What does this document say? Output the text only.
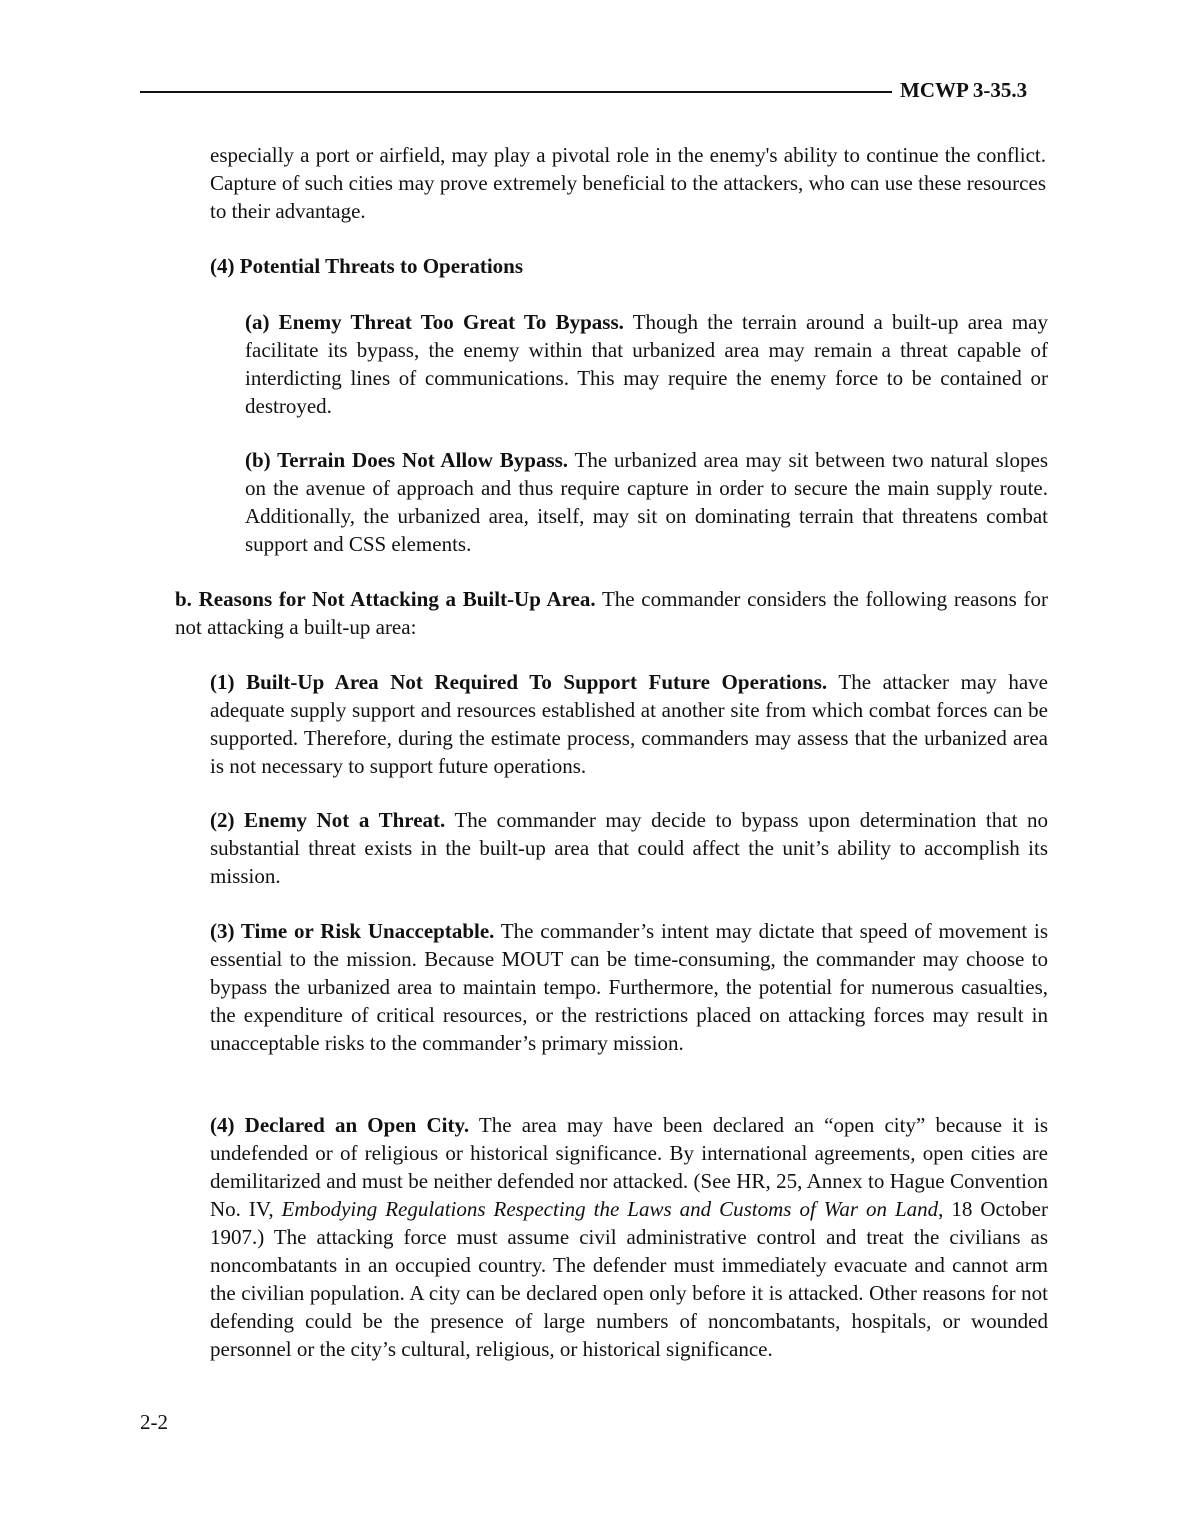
MCWP 3-35.3
especially a port or airfield, may play a pivotal role in the enemy's ability to continue the conflict. Capture of such cities may prove extremely beneficial to the attackers, who can use these resources to their advantage.
(4) Potential Threats to Operations
(a) Enemy Threat Too Great To Bypass. Though the terrain around a built-up area may facilitate its bypass, the enemy within that urbanized area may remain a threat capable of interdicting lines of communications. This may require the enemy force to be contained or destroyed.
(b) Terrain Does Not Allow Bypass. The urbanized area may sit between two natural slopes on the avenue of approach and thus require capture in order to secure the main supply route. Additionally, the urbanized area, itself, may sit on dominating terrain that threatens combat support and CSS elements.
b. Reasons for Not Attacking a Built-Up Area. The commander considers the following reasons for not attacking a built-up area:
(1) Built-Up Area Not Required To Support Future Operations. The attacker may have adequate supply support and resources established at another site from which combat forces can be supported. Therefore, during the estimate process, commanders may assess that the urbanized area is not necessary to support future operations.
(2) Enemy Not a Threat. The commander may decide to bypass upon determination that no substantial threat exists in the built-up area that could affect the unit’s ability to accomplish its mission.
(3) Time or Risk Unacceptable. The commander’s intent may dictate that speed of movement is essential to the mission. Because MOUT can be time-consuming, the commander may choose to bypass the urbanized area to maintain tempo. Furthermore, the potential for numerous casualties, the expenditure of critical resources, or the restrictions placed on attacking forces may result in unacceptable risks to the commander’s primary mission.
(4) Declared an Open City. The area may have been declared an “open city” because it is undefended or of religious or historical significance. By international agreements, open cities are demilitarized and must be neither defended nor attacked. (See HR, 25, Annex to Hague Convention No. IV, Embodying Regulations Respecting the Laws and Customs of War on Land, 18 October 1907.) The attacking force must assume civil administrative control and treat the civilians as noncombatants in an occupied country. The defender must immediately evacuate and cannot arm the civilian population. A city can be declared open only before it is attacked. Other reasons for not defending could be the presence of large numbers of noncombatants, hospitals, or wounded personnel or the city’s cultural, religious, or historical significance.
2-2
